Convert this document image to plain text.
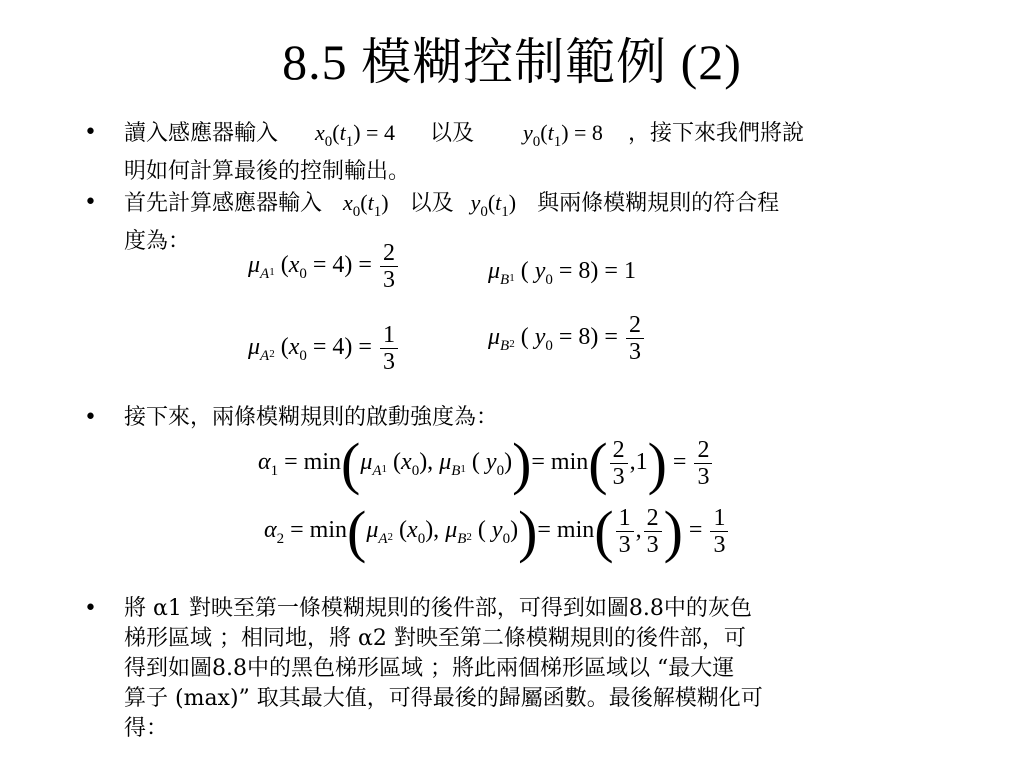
8.5 模糊控制範例 (2)
• 讀入感應器輸入 $x_0(t_1) = 4$ 以及 $y_0(t_1) = 8$ ，接下來我們將說
明如何計算最後的控制輸出。
• 首先計算感應器輸入 $x_0(t_1)$ 以及 $y_0(t_1)$ 與兩條模糊規則的符合程
度為：
$\mu_A1$ $(x_0 = 4) = \frac{2}{3}$	$\mu_B1$ ( $y_0 = 8) = 1$
$\mu_A2$ $(x_0 = 4) = \frac{1}{3}$	$\mu_B2$ ( $y_0 = 8) = \frac{2}{3}$
• 接下來，兩條模糊規則的啟動強度為：
$\alpha_1 = \min(\mu_A1$ $(x_0)$, $\mu_B1$ ( $y_0))= \min( \frac{2}{3} ,1) = \frac{2}{3}$
$\alpha_2 = \min(\mu_A2$ $(x_0)$, $\mu_B2$ ( $y_0))= \min( \frac{1}{3}$ , $\frac{2}{3}$ ) = $\frac{1}{3}$
• 將 α1 對映至第一條模糊規則的後件部，可得到如圖8.8中的灰色
梯形區域 ；相同地，將 α2 對映至第二條模糊規則的後件部，可
得到如圖8.8中的黑色梯形區域 ；將此兩個梯形區域以 “最大運
算子 (max)” 取其最大值，可得最後的歸屬函數。最後解模糊化可
得：
